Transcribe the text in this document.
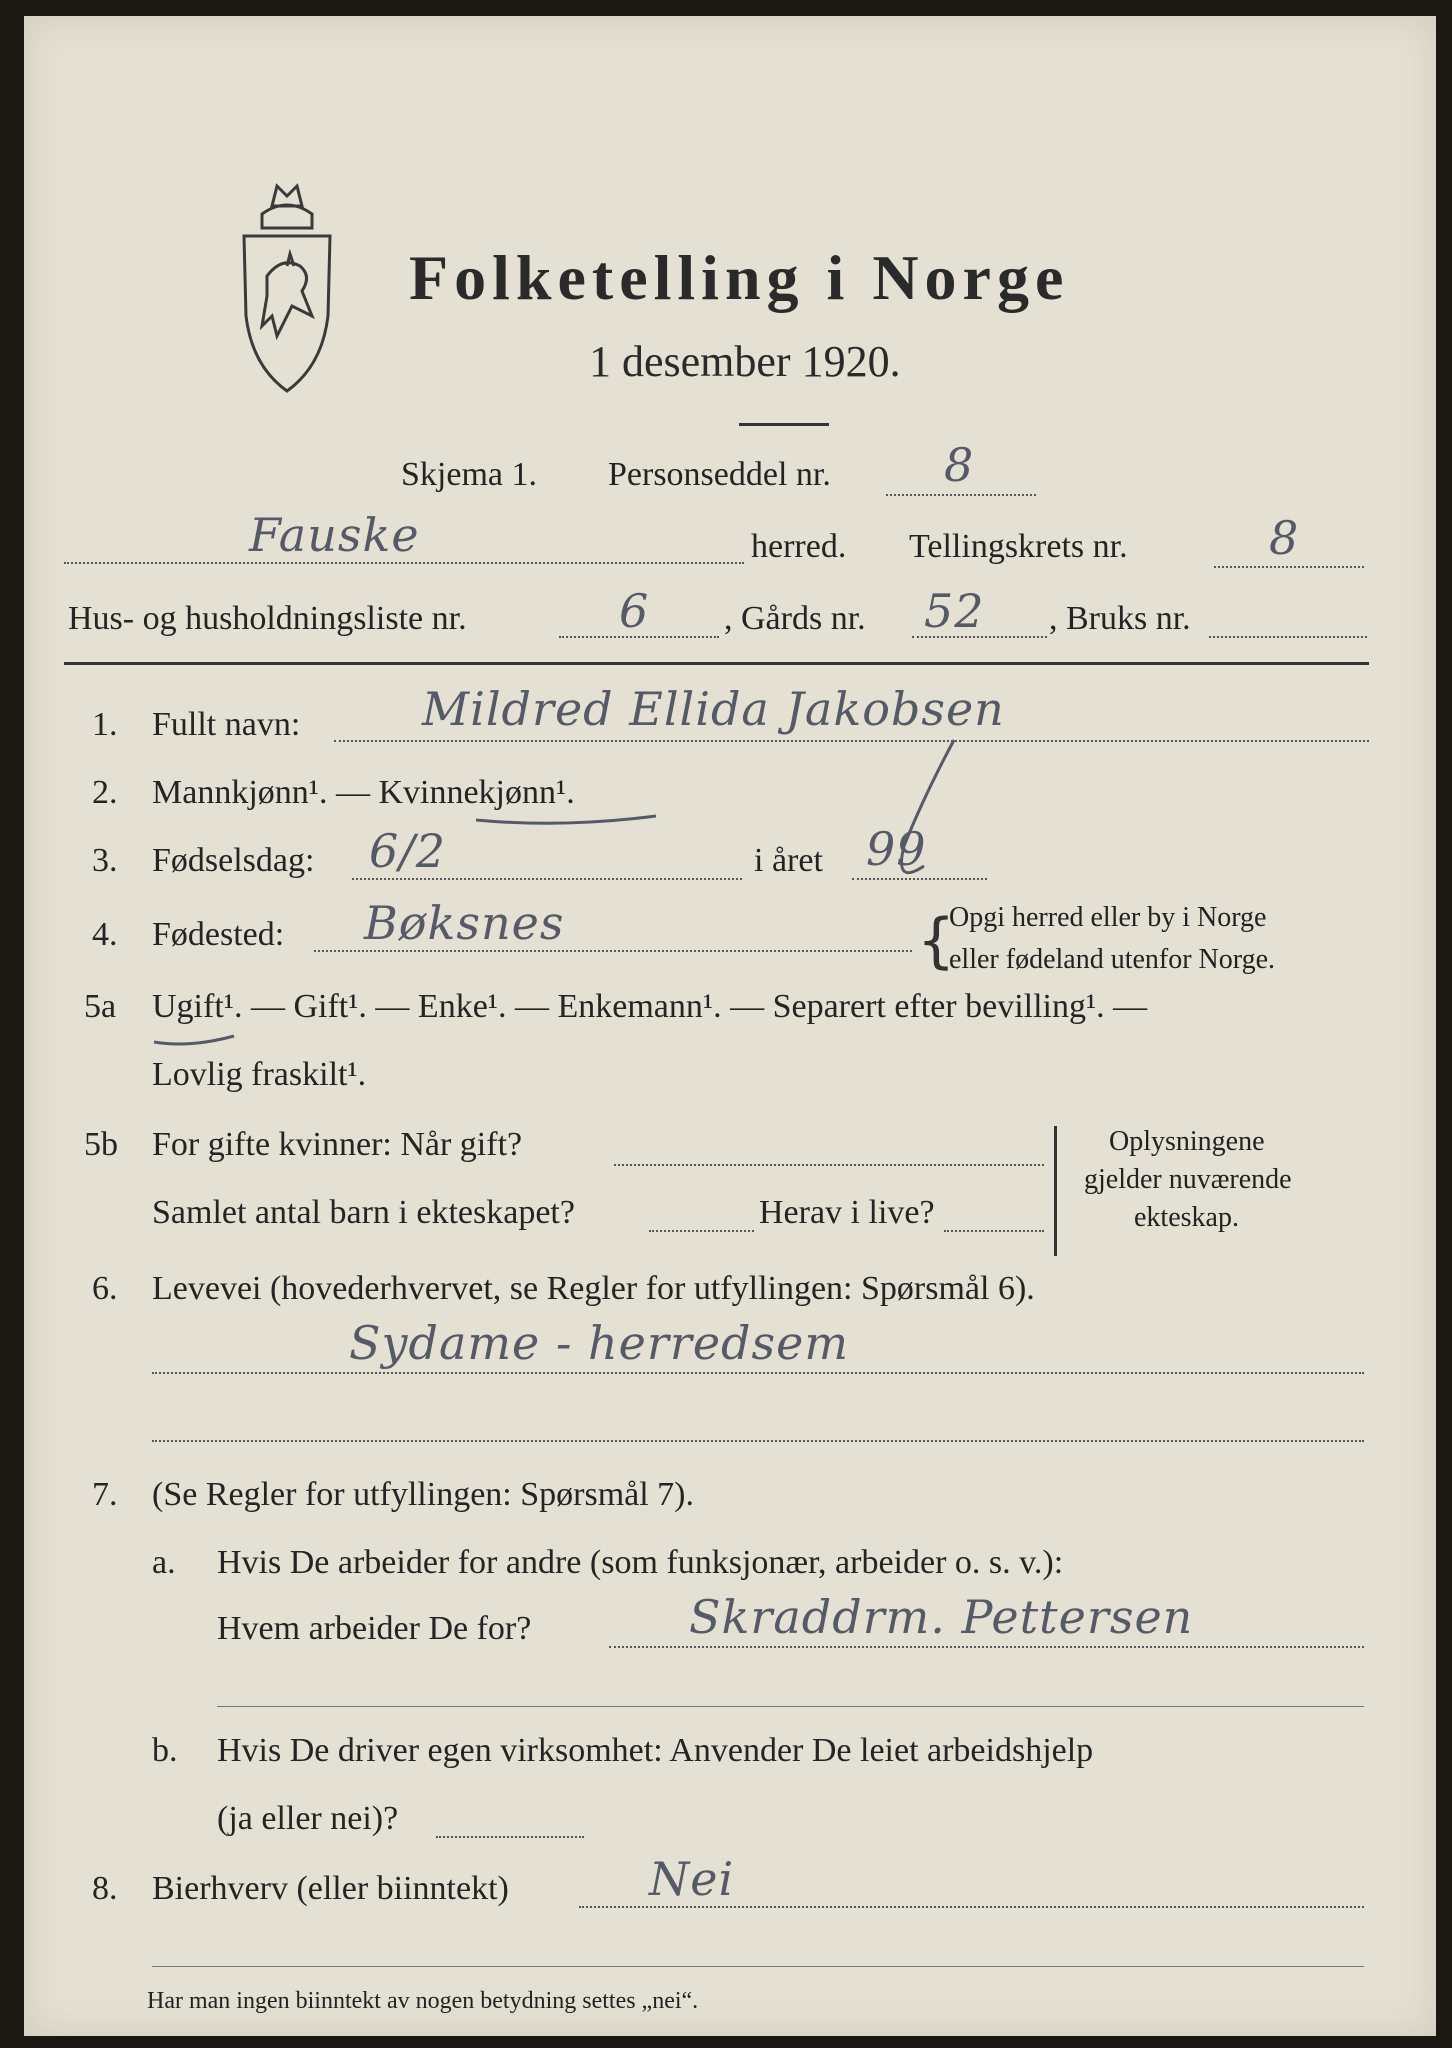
Folketelling i Norge
1 desember 1920.
Skjema 1. Personseddel nr. 8
Fauske	herred. Tellingskrets nr.	8
Hus- og husholdningsliste nr.	6 , Gårds nr. 52 , Bruks nr.
1. Fullt navn:	Mildred Ellida Jakobsen
2. Mannkjønn¹. — Kvinnekjønn¹.
3. Fødselsdag: 6/2	i året 99
4. Fødested: Bøksnes	{
Opgi herred eller by i Norge
eller fødeland utenfor Norge.
5a Ugift¹. — Gift¹. — Enke¹. — Enkemann¹. — Separert efter bevilling¹. —
Lovlig fraskilt¹.
5b For gifte kvinner: Når gift?
Samlet antal barn i ekteskapet?	Herav i live?
Oplysningene
gjelder nuværende
ekteskap.
6. Levevei (hovederhvervet, se Regler for utfyllingen: Spørsmål 6).
Sydame - herredsem
7. (Se Regler for utfyllingen: Spørsmål 7).
a. Hvis De arbeider for andre (som funksjonær, arbeider o. s. v.):
Hvem arbeider De for?	Skraddrm. Pettersen
b. Hvis De driver egen virksomhet: Anvender De leiet arbeidshjelp
(ja eller nei)?
8. Bierhverv (eller biinntekt)	Nei
Har man ingen biinntekt av nogen betydning settes „nei“.
